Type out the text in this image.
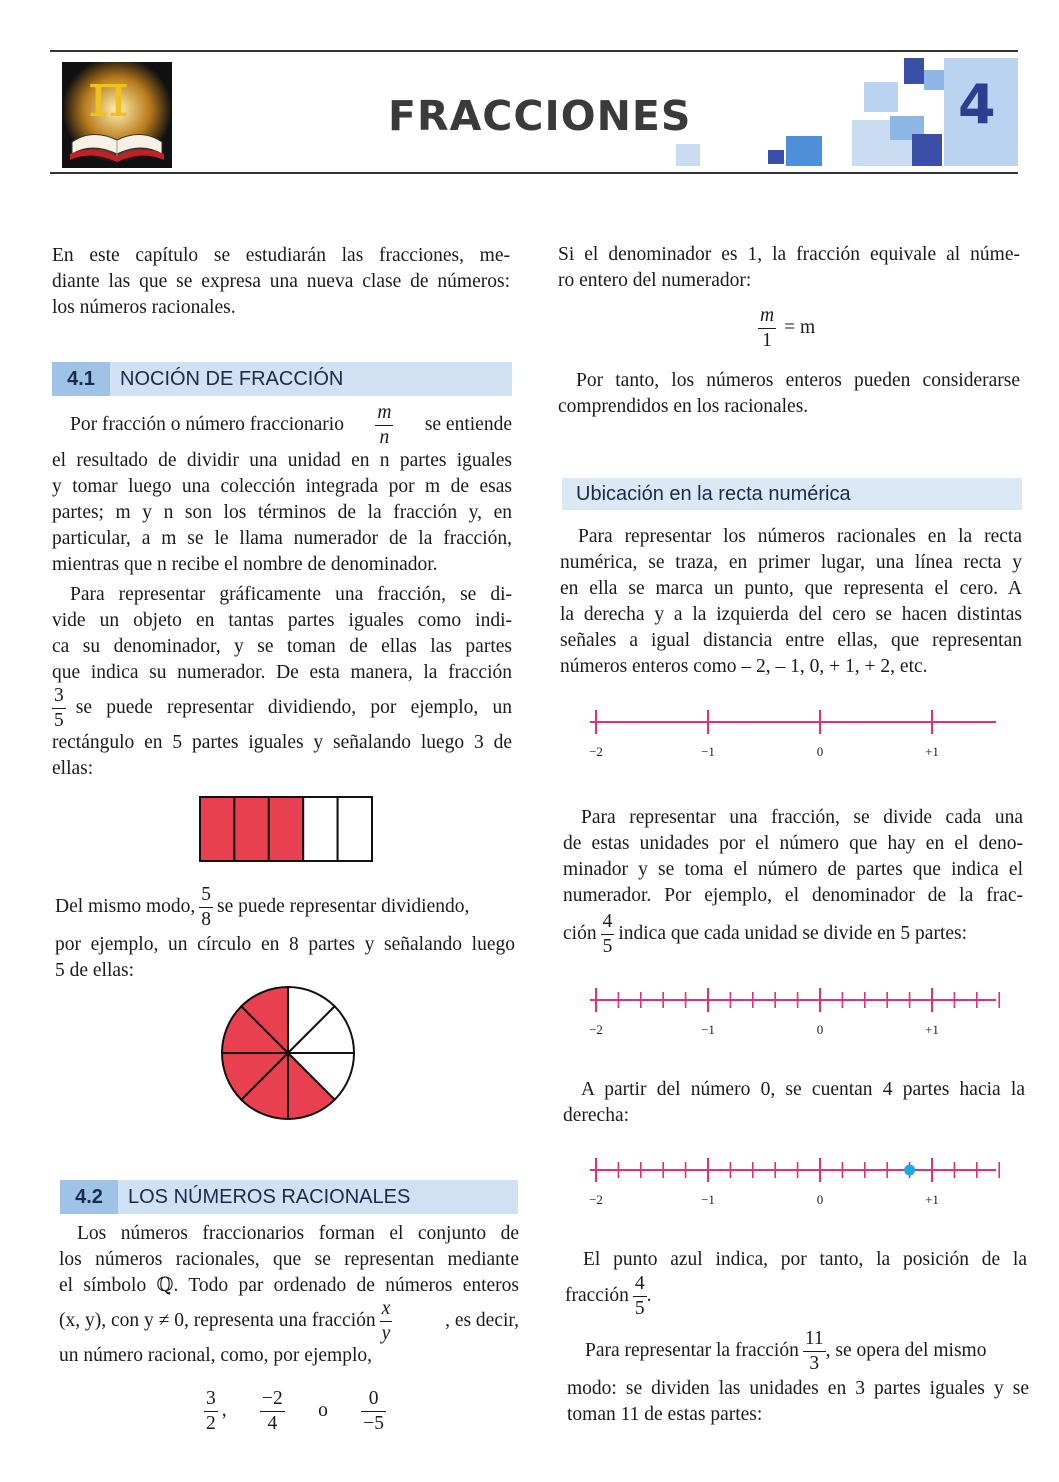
π	FRACCIONES	4
En este capítulo se estudiarán las fracciones, me-
diante las que se expresa una nueva clase de números:
los números racionales.
4.1	NOCIÓN DE FRACCIÓN
Por fracción o número fraccionario $\frac{m}{n}$ se entiende
el resultado de dividir una unidad en n partes iguales
y tomar luego una colección integrada por m de esas
partes; m y n son los términos de la fracción y, en
particular, a m se le llama numerador de la fracción,
mientras que n recibe el nombre de denominador.
Para representar gráficamente una fracción, se di-
vide un objeto en tantas partes iguales como indi-
ca su denominador, y se toman de ellas las partes
que indica su numerador. De esta manera, la fracción
$\frac{3}{5}$ se puede representar dividiendo, por ejemplo, un
rectángulo en 5 partes iguales y señalando luego 3 de
ellas:
Del mismo modo, $\frac{5}{8}$ se puede representar dividiendo,
por ejemplo, un círculo en 8 partes y señalando luego
5 de ellas:
4.2	LOS NÚMEROS RACIONALES
Los números fraccionarios forman el conjunto de
los números racionales, que se representan mediante
el símbolo ℚ. Todo par ordenado de números enteros
(x, y), con y ≠ 0, representa una fracción $\frac{x}{y}$	, es decir,
un número racional, como, por ejemplo,
$\frac{3}{2}$ , $\frac{-2}{4}$ o $\frac{0}{-5}$
Si el denominador es 1, la fracción equivale al núme-
ro entero del numerador:
$\frac{m}{1} = m$
Por tanto, los números enteros pueden considerarse
comprendidos en los racionales.
Ubicación en la recta numérica
Para representar los números racionales en la recta
numérica, se traza, en primer lugar, una línea recta y
en ella se marca un punto, que representa el cero. A
la derecha y a la izquierda del cero se hacen distintas
señales a igual distancia entre ellas, que representan
números enteros como – 2, – 1, 0, + 1, + 2, etc.
−2	−1	0	+1
Para representar una fracción, se divide cada una
de estas unidades por el número que hay en el deno-
minador y se toma el número de partes que indica el
numerador. Por ejemplo, el denominador de la frac-
ción $\frac{4}{5}$ indica que cada unidad se divide en 5 partes:
−2	−1	0	+1
A partir del número 0, se cuentan 4 partes hacia la
derecha:
−2	−1	0	+1
El punto azul indica, por tanto, la posición de la
fracción $\frac{4}{5}$ .
Para representar la fracción $\frac{11}{3}$ , se opera del mismo
modo: se dividen las unidades en 3 partes iguales y se
toman 11 de estas partes:
